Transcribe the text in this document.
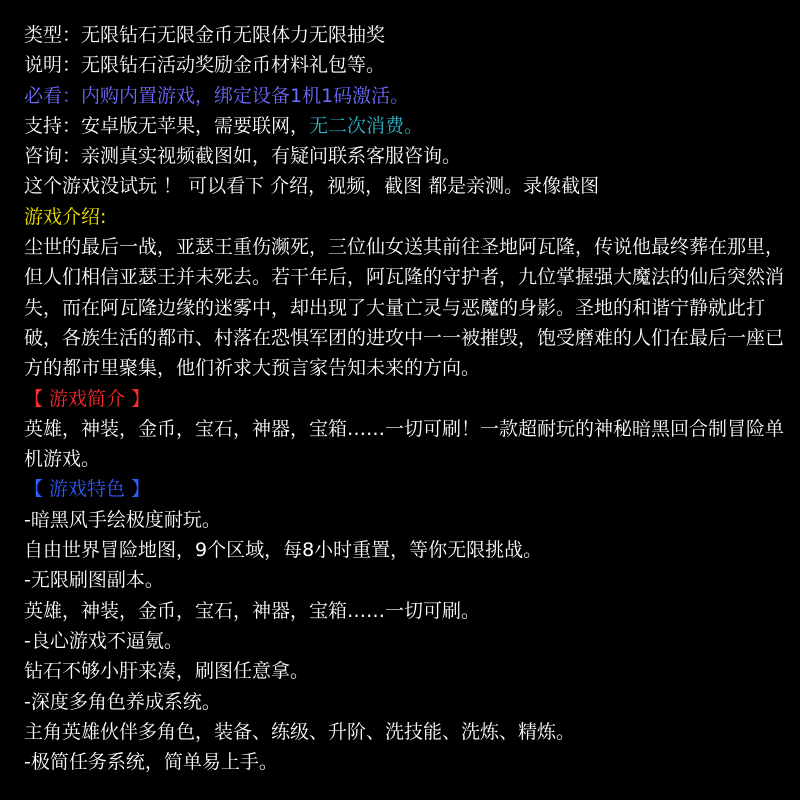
类型：无限钻石无限金币无限体力无限抽奖
说明：无限钻石活动奖励金币材料礼包等。
必看：内购内置游戏，绑定设备1机1码激活。
支持：安卓版无苹果，需要联网，无二次消费。
咨询：亲测真实视频截图如，有疑问联系客服咨询。
这个游戏没试玩 ！ 可以看下 介绍，视频，截图 都是亲测。录像截图
游戏介绍:
尘世的最后一战，亚瑟王重伤濒死，三位仙女送其前往圣地阿瓦隆，传说他最终葬在那里，但人们相信亚瑟王并未死去。若干年后，阿瓦隆的守护者，九位掌握强大魔法的仙后突然消失，而在阿瓦隆边缘的迷雾中，却出现了大量亡灵与恶魔的身影。圣地的和谐宁静就此打破，各族生活的都市、村落在恐惧军团的进攻中一一被摧毁，饱受磨难的人们在最后一座已方的都市里聚集，他们祈求大预言家告知未来的方向。
【 游戏简介 】
英雄，神装，金币，宝石，神器，宝箱……一切可刷！一款超耐玩的神秘暗黑回合制冒险单机游戏。
【 游戏特色 】
-暗黑风手绘极度耐玩。
自由世界冒险地图，9个区域，每8小时重置，等你无限挑战。
-无限刷图副本。
英雄，神装，金币，宝石，神器，宝箱……一切可刷。
-良心游戏不逼氪。
钻石不够小肝来凑，刷图任意拿。
-深度多角色养成系统。
主角英雄伙伴多角色，装备、练级、升阶、洗技能、洗炼、精炼。
-极简任务系统，简单易上手。
